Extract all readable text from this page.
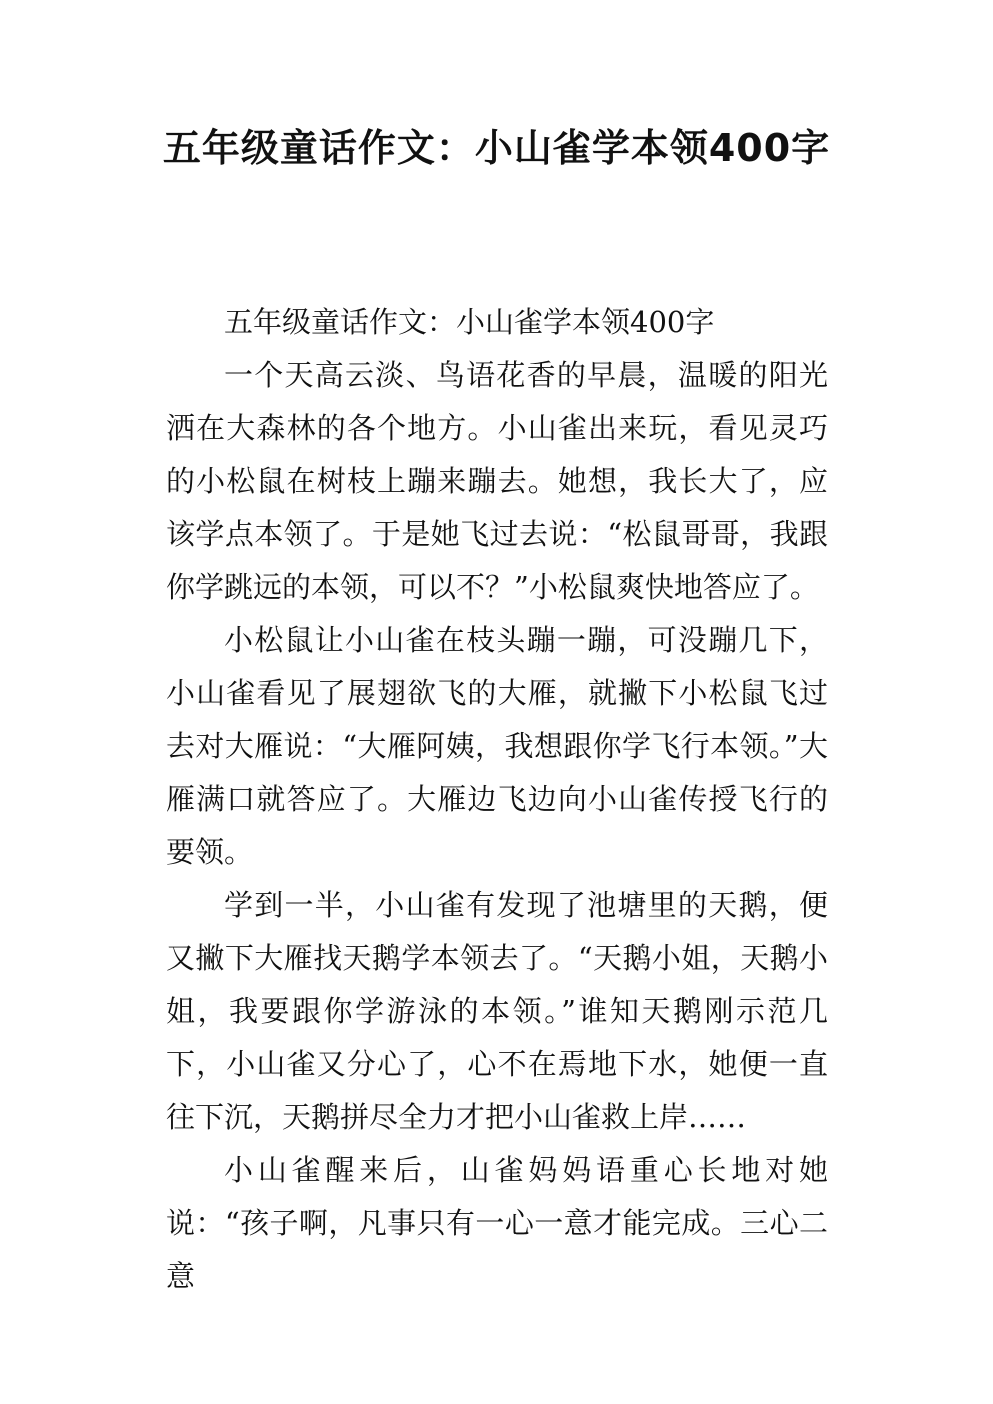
五年级童话作文：小山雀学本领400字

五年级童话作文：小山雀学本领400字

一个天高云淡、鸟语花香的早晨，温暖的阳光洒在大森林的各个地方。小山雀出来玩，看见灵巧的小松鼠在树枝上蹦来蹦去。她想，我长大了，应该学点本领了。于是她飞过去说：“松鼠哥哥，我跟你学跳远的本领，可以不？”小松鼠爽快地答应了。

小松鼠让小山雀在枝头蹦一蹦，可没蹦几下，小山雀看见了展翅欲飞的大雁，就撇下小松鼠飞过去对大雁说：“大雁阿姨，我想跟你学飞行本领。”大雁满口就答应了。大雁边飞边向小山雀传授飞行的要领。

学到一半，小山雀有发现了池塘里的天鹅，便又撇下大雁找天鹅学本领去了。“天鹅小姐，天鹅小姐，我要跟你学游泳的本领。”谁知天鹅刚示范几下，小山雀又分心了，心不在焉地下水，她便一直往下沉，天鹅拼尽全力才把小山雀救上岸……

小山雀醒来后，山雀妈妈语重心长地对她说：“孩子啊，凡事只有一心一意才能完成。三心二意
